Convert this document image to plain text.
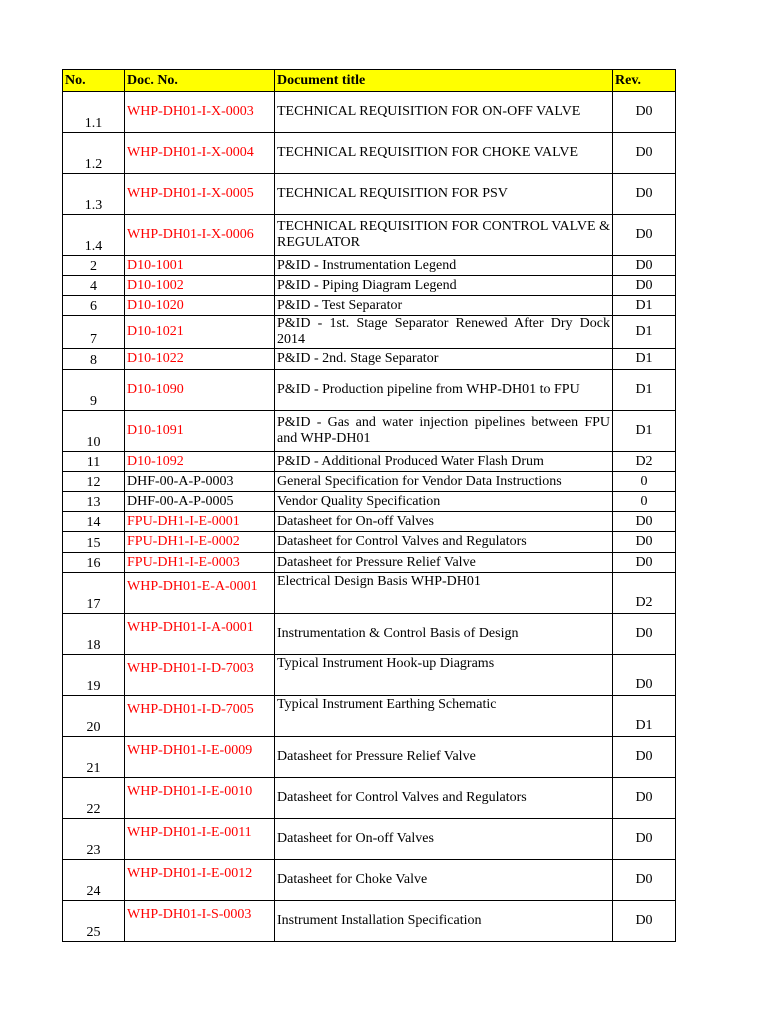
No.	Doc. No.	Document title	Rev.
1.1	WHP-DH01-I-X-0003	TECHNICAL REQUISITION FOR ON-OFF VALVE	D0
1.2	WHP-DH01-I-X-0004	TECHNICAL REQUISITION FOR CHOKE VALVE	D0
1.3	WHP-DH01-I-X-0005	TECHNICAL REQUISITION FOR PSV	D0
1.4	WHP-DH01-I-X-0006	TECHNICAL REQUISITION FOR CONTROL VALVE & REGULATOR	D0
2	D10-1001	P&ID - Instrumentation Legend	D0
4	D10-1002	P&ID - Piping Diagram Legend	D0
6	D10-1020	P&ID - Test Separator	D1
7	D10-1021	P&ID - 1st. Stage Separator Renewed After Dry Dock 2014	D1
8	D10-1022	P&ID - 2nd. Stage Separator	D1
9	D10-1090	P&ID - Production pipeline from WHP-DH01 to FPU	D1
10	D10-1091	P&ID - Gas and water injection pipelines between FPU and WHP-DH01	D1
11	D10-1092	P&ID - Additional Produced Water Flash Drum	D2
12	DHF-00-A-P-0003	General Specification for Vendor Data Instructions	0
13	DHF-00-A-P-0005	Vendor Quality Specification	0
14	FPU-DH1-I-E-0001	Datasheet for On-off Valves	D0
15	FPU-DH1-I-E-0002	Datasheet for Control Valves and Regulators	D0
16	FPU-DH1-I-E-0003	Datasheet for Pressure Relief Valve	D0
17	WHP-DH01-E-A-0001	Electrical Design Basis WHP-DH01	D2
18	WHP-DH01-I-A-0001	Instrumentation & Control Basis of Design	D0
19	WHP-DH01-I-D-7003	Typical Instrument Hook-up Diagrams	D0
20	WHP-DH01-I-D-7005	Typical Instrument Earthing Schematic	D1
21	WHP-DH01-I-E-0009	Datasheet for Pressure Relief Valve	D0
22	WHP-DH01-I-E-0010	Datasheet for Control Valves and Regulators	D0
23	WHP-DH01-I-E-0011	Datasheet for On-off Valves	D0
24	WHP-DH01-I-E-0012	Datasheet for Choke Valve	D0
25	WHP-DH01-I-S-0003	Instrument Installation Specification	D0
